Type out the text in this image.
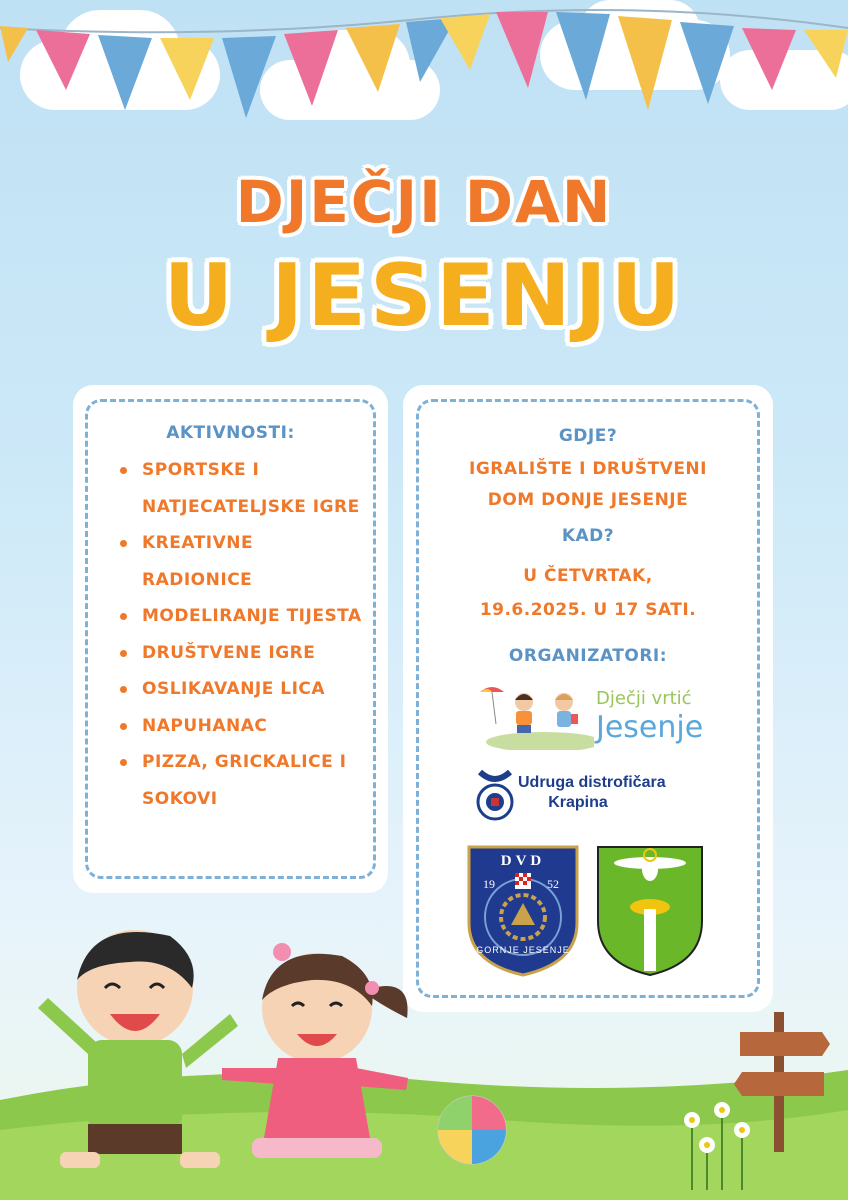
DJEČJI DAN
U JESENJU
AKTIVNOSTI:
SPORTSKE I NATJECATELJSKE IGRE
KREATIVNE RADIONICE
MODELIRANJE TIJESTA
DRUŠTVENE IGRE
OSLIKAVANJE LICA
NAPUHANAC
PIZZA, GRICKALICE I SOKOVI
GDJE?
IGRALIŠTE I DRUŠTVENI
DOM DONJE JESENJE
KAD?
U ČETVRTAK,
19.6.2025. U 17 SATI.
ORGANIZATORI:
Dječji vrtić
Jesenje
Udruga distrofičara
Krapina
DVD
19	52
GORNJE JESENJE
